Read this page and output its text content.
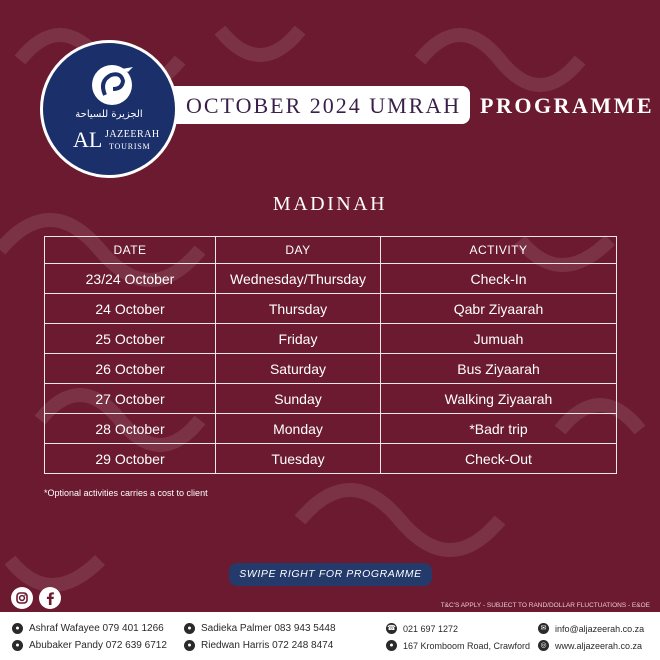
OCTOBER 2024 UMRAH PROGRAMME
الجزيرة للسياحة
AL JAZEERAH
TOURISM
MADINAH
DATE	DAY	ACTIVITY
23/24 October	Wednesday/Thursday	Check-In
24 October	Thursday	Qabr Ziyaarah
25 October	Friday	Jumuah
26 October	Saturday	Bus Ziyaarah
27 October	Sunday	Walking Ziyaarah
28 October	Monday	*Badr trip
29 October	Tuesday	Check-Out
*Optional activities carries a cost to client
SWIPE RIGHT FOR PROGRAMME
T&C'S APPLY - SUBJECT TO RAND/DOLLAR FLUCTUATIONS - E&OE
● Ashraf Wafayee 079 401 1266
● Abubaker Pandy 072 639 6712
● Sadieka Palmer 083 943 5448
● Riedwan Harris 072 248 8474
☎ 021 697 1272
●	167 Kromboom Road, Crawford
✉ info@aljazeerah.co.za
◎ www.aljazeerah.co.za
